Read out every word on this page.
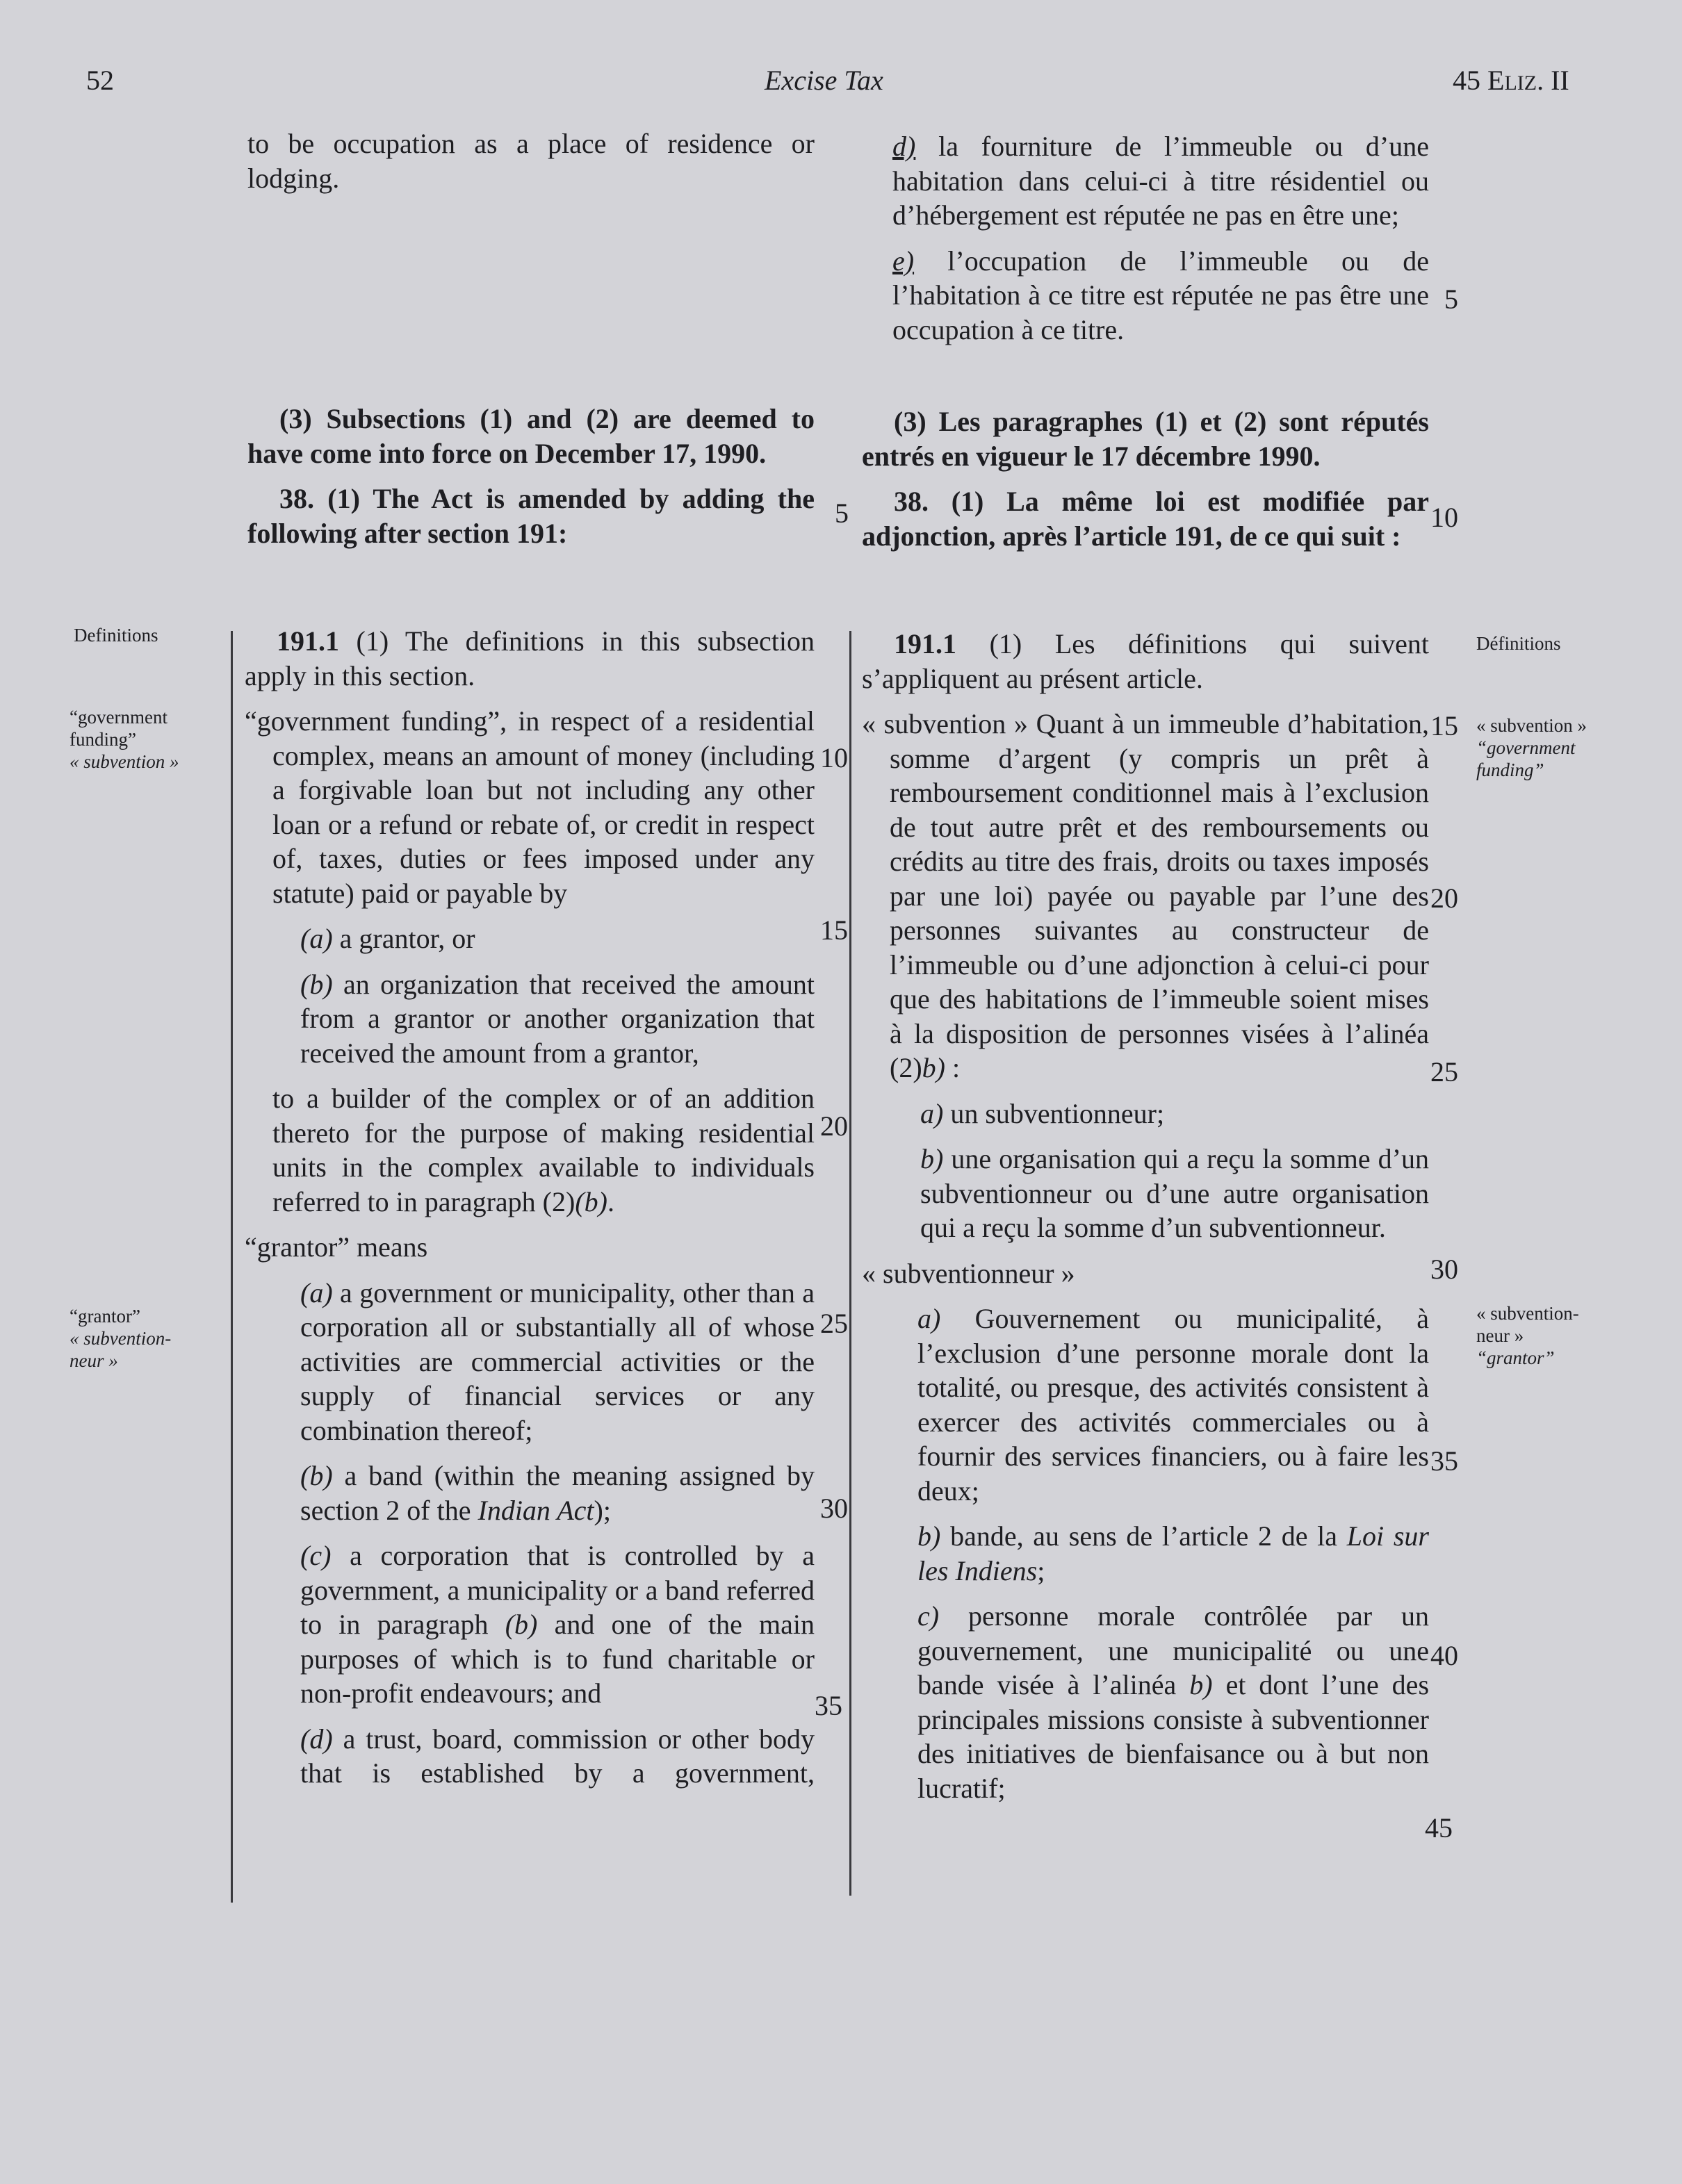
52	Excise Tax	45 ELIZ. II
Definitions
“government
funding”
« subvention »
“grantor”
« subvention-
neur »
Définitions
« subvention »
“government
funding”
« subvention-
neur »
“grantor”

to be occupation as a place of residence or lodging.

(3) Subsections (1) and (2) are deemed to have come into force on December 17, 1990.

38. (1) The Act is amended by adding the following after section 191:

191.1 (1) The definitions in this subsection apply in this section.

“government funding”, in respect of a residential complex, means an amount of money (including a forgivable loan but not including any other loan or a refund or rebate of, or credit in respect of, taxes, duties or fees imposed under any statute) paid or payable by

(a) a grantor, or

(b) an organization that received the amount from a grantor or another organization that received the amount from a grantor,

to a builder of the complex or of an addition thereto for the purpose of making residential units in the complex available to individuals referred to in paragraph (2)(b).

“grantor” means

(a) a government or municipality, other than a corporation all or substantially all of whose activities are commercial activities or the supply of financial services or any combination thereof;

(b) a band (within the meaning assigned by section 2 of the Indian Act);

(c) a corporation that is controlled by a government, a municipality or a band referred to in paragraph (b) and one of the main purposes of which is to fund charitable or non-profit endeavours; and

(d) a trust, board, commission or other body that is established by a government,

d) la fourniture de l’immeuble ou d’une habitation dans celui-ci à titre résidentiel ou d’hébergement est réputée ne pas en être une;

e) l’occupation de l’immeuble ou de l’habitation à ce titre est réputée ne pas être une occupation à ce titre.

(3) Les paragraphes (1) et (2) sont réputés entrés en vigueur le 17 décembre 1990.

38. (1) La même loi est modifiée par adjonction, après l’article 191, de ce qui suit :

191.1 (1) Les définitions qui suivent s’appliquent au présent article.

« subvention » Quant à un immeuble d’habitation, somme d’argent (y compris un prêt à remboursement conditionnel mais à l’exclusion de tout autre prêt et des remboursements ou crédits au titre des frais, droits ou taxes imposés par une loi) payée ou payable par l’une des personnes suivantes au constructeur de l’immeuble ou d’une adjonction à celui-ci pour que des habitations de l’immeuble soient mises à la disposition de personnes visées à l’alinéa (2)b) :

a) un subventionneur;

b) une organisation qui a reçu la somme d’un subventionneur ou d’une autre organisation qui a reçu la somme d’un subventionneur.

« subventionneur »

a) Gouvernement ou municipalité, à l’exclusion d’une personne morale dont la totalité, ou presque, des activités consistent à exercer des activités commerciales ou à fournir des services financiers, ou à faire les deux;

b) bande, au sens de l’article 2 de la Loi sur les Indiens;

c) personne morale contrôlée par un gouvernement, une municipalité ou une bande visée à l’alinéa b) et dont l’une des principales missions consiste à subventionner des initiatives de bienfaisance ou à but non lucratif;

5
10
15
20
25
30
35
5
10
15
20
25
30
35
40
45
